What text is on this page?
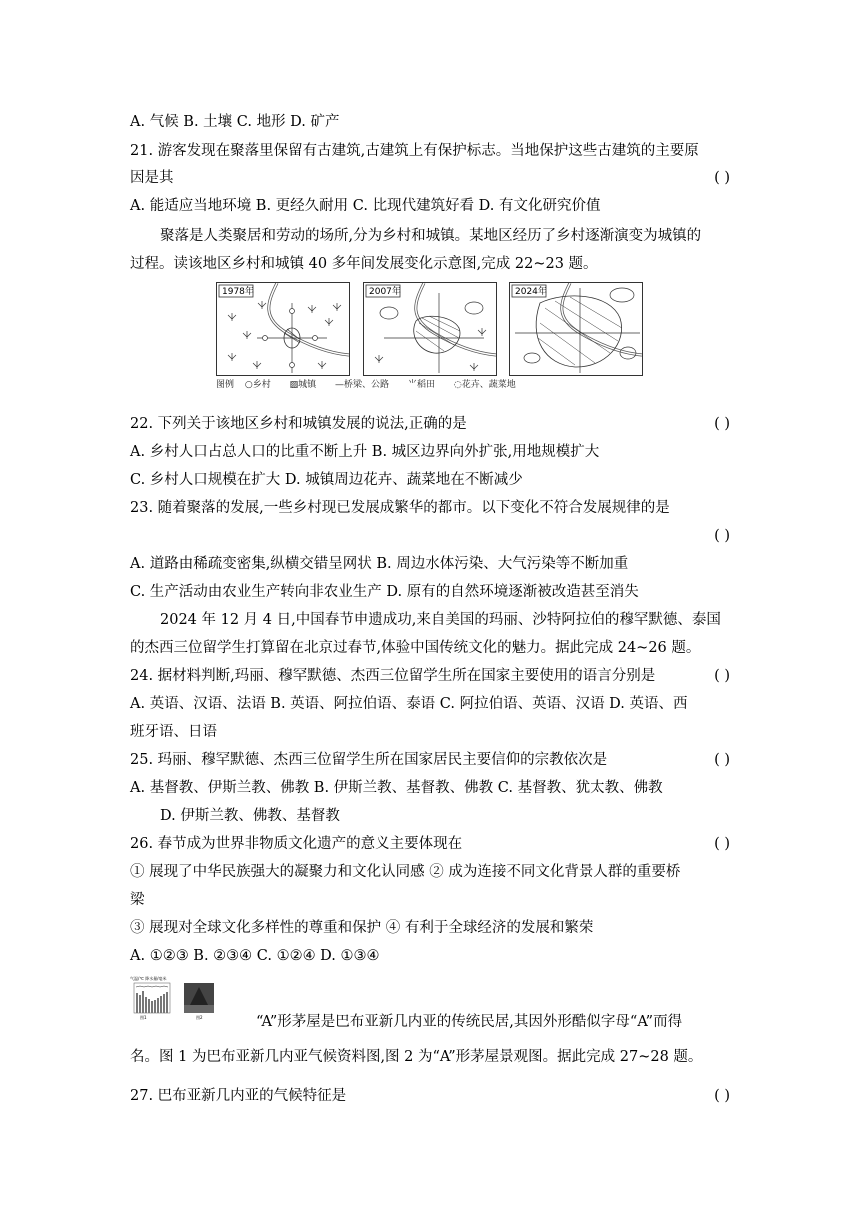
A. 气候 B. 土壤 C. 地形 D. 矿产
21. 游客发现在聚落里保留有古建筑,古建筑上有保护标志。当地保护这些古建筑的主要原
因是其	( )
A. 能适应当地环境 B. 更经久耐用 C. 比现代建筑好看 D. 有文化研究价值
聚落是人类聚居和劳动的场所,分为乡村和城镇。某地区经历了乡村逐渐演变为城镇的
过程。读该地区乡村和城镇 40 多年间发展变化示意图,完成 22~23 题。
1978年	2007年	2024年
图例 ○乡村 ▨城镇 —桥梁、公路 ⺌稻田 ◌花卉、蔬菜地
22. 下列关于该地区乡村和城镇发展的说法,正确的是	( )
A. 乡村人口占总人口的比重不断上升 B. 城区边界向外扩张,用地规模扩大
C. 乡村人口规模在扩大 D. 城镇周边花卉、蔬菜地在不断减少
23. 随着聚落的发展,一些乡村现已发展成繁华的都市。以下变化不符合发展规律的是
( )
A. 道路由稀疏变密集,纵横交错呈网状 B. 周边水体污染、大气污染等不断加重
C. 生产活动由农业生产转向非农业生产 D. 原有的自然环境逐渐被改造甚至消失
2024 年 12 月 4 日,中国春节申遗成功,来自美国的玛丽、沙特阿拉伯的穆罕默德、泰国
的杰西三位留学生打算留在北京过春节,体验中国传统文化的魅力。据此完成 24~26 题。
24. 据材料判断,玛丽、穆罕默德、杰西三位留学生所在国家主要使用的语言分别是	( )
A. 英语、汉语、法语 B. 英语、阿拉伯语、泰语 C. 阿拉伯语、英语、汉语 D. 英语、西
班牙语、日语
25. 玛丽、穆罕默德、杰西三位留学生所在国家居民主要信仰的宗教依次是	( )
A. 基督教、伊斯兰教、佛教 B. 伊斯兰教、基督教、佛教 C. 基督教、犹太教、佛教
D. 伊斯兰教、佛教、基督教
26. 春节成为世界非物质文化遗产的意义主要体现在	( )
① 展现了中华民族强大的凝聚力和文化认同感 ② 成为连接不同文化背景人群的重要桥
梁
③ 展现对全球文化多样性的尊重和保护 ④ 有利于全球经济的发展和繁荣
A. ①②③ B. ②③④ C. ①②④ D. ①③④
气温/℃ 降水量/毫米
图1	图2	“A”形茅屋是巴布亚新几内亚的传统民居,其因外形酷似字母“A”而得
名。图 1 为巴布亚新几内亚气候资料图,图 2 为“A”形茅屋景观图。据此完成 27~28 题。
27. 巴布亚新几内亚的气候特征是	( )
